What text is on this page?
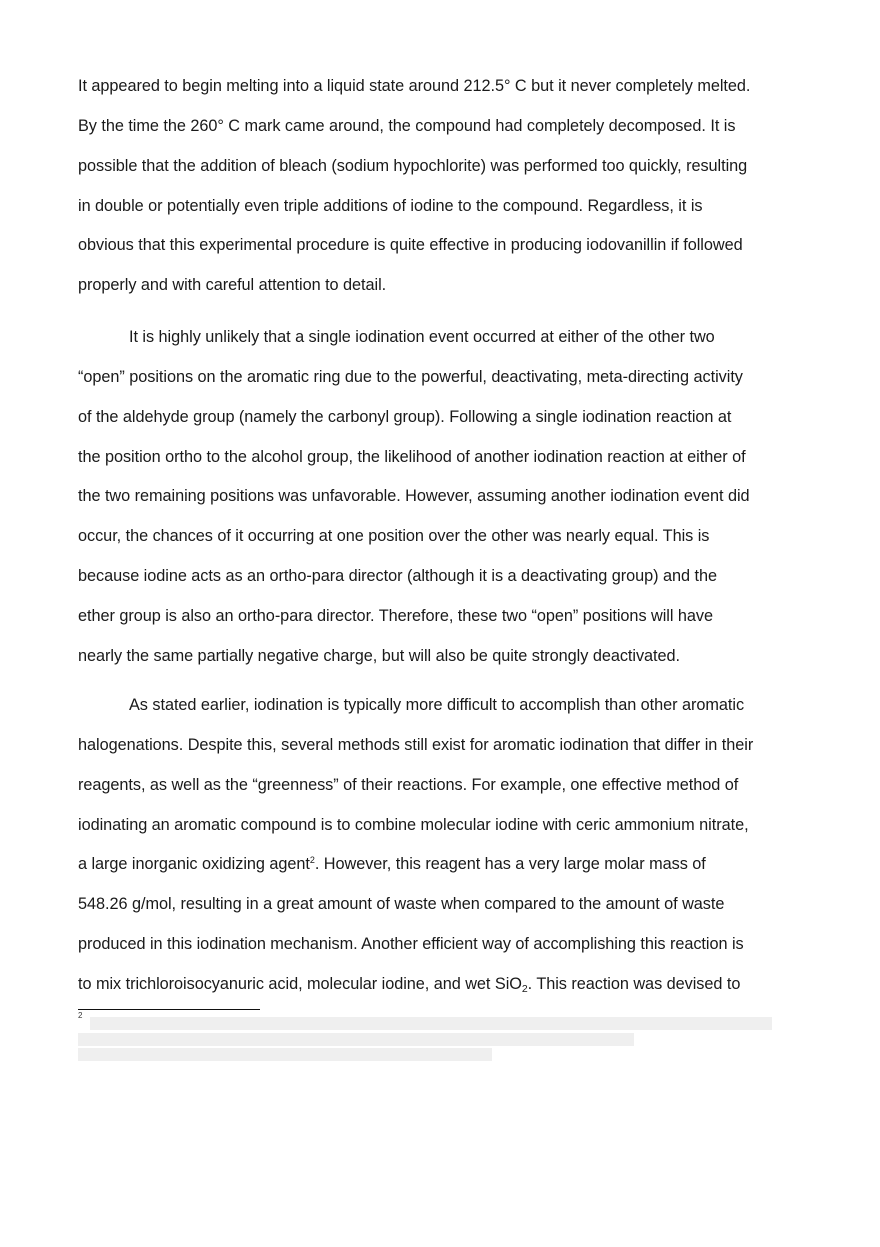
It appeared to begin melting into a liquid state around 212.5° C but it never completely melted.
By the time the 260° C mark came around, the compound had completely decomposed. It is
possible that the addition of bleach (sodium hypochlorite) was performed too quickly, resulting
in double or potentially even triple additions of iodine to the compound. Regardless, it is
obvious that this experimental procedure is quite effective in producing iodovanillin if followed
properly and with careful attention to detail.
It is highly unlikely that a single iodination event occurred at either of the other two
“open” positions on the aromatic ring due to the powerful, deactivating, meta-directing activity
of the aldehyde group (namely the carbonyl group). Following a single iodination reaction at
the position ortho to the alcohol group, the likelihood of another iodination reaction at either of
the two remaining positions was unfavorable. However, assuming another iodination event did
occur, the chances of it occurring at one position over the other was nearly equal. This is
because iodine acts as an ortho-para director (although it is a deactivating group) and the
ether group is also an ortho-para director. Therefore, these two “open” positions will have
nearly the same partially negative charge, but will also be quite strongly deactivated.
As stated earlier, iodination is typically more difficult to accomplish than other aromatic
halogenations. Despite this, several methods still exist for aromatic iodination that differ in their
reagents, as well as the “greenness” of their reactions. For example, one effective method of
iodinating an aromatic compound is to combine molecular iodine with ceric ammonium nitrate,
a large inorganic oxidizing agent$^2$. However, this reagent has a very large molar mass of
548.26 g/mol, resulting in a great amount of waste when compared to the amount of waste
produced in this iodination mechanism. Another efficient way of accomplishing this reaction is
to mix trichloroisocyanuric acid, molecular iodine, and wet SiO$_2$. This reaction was devised to
2
